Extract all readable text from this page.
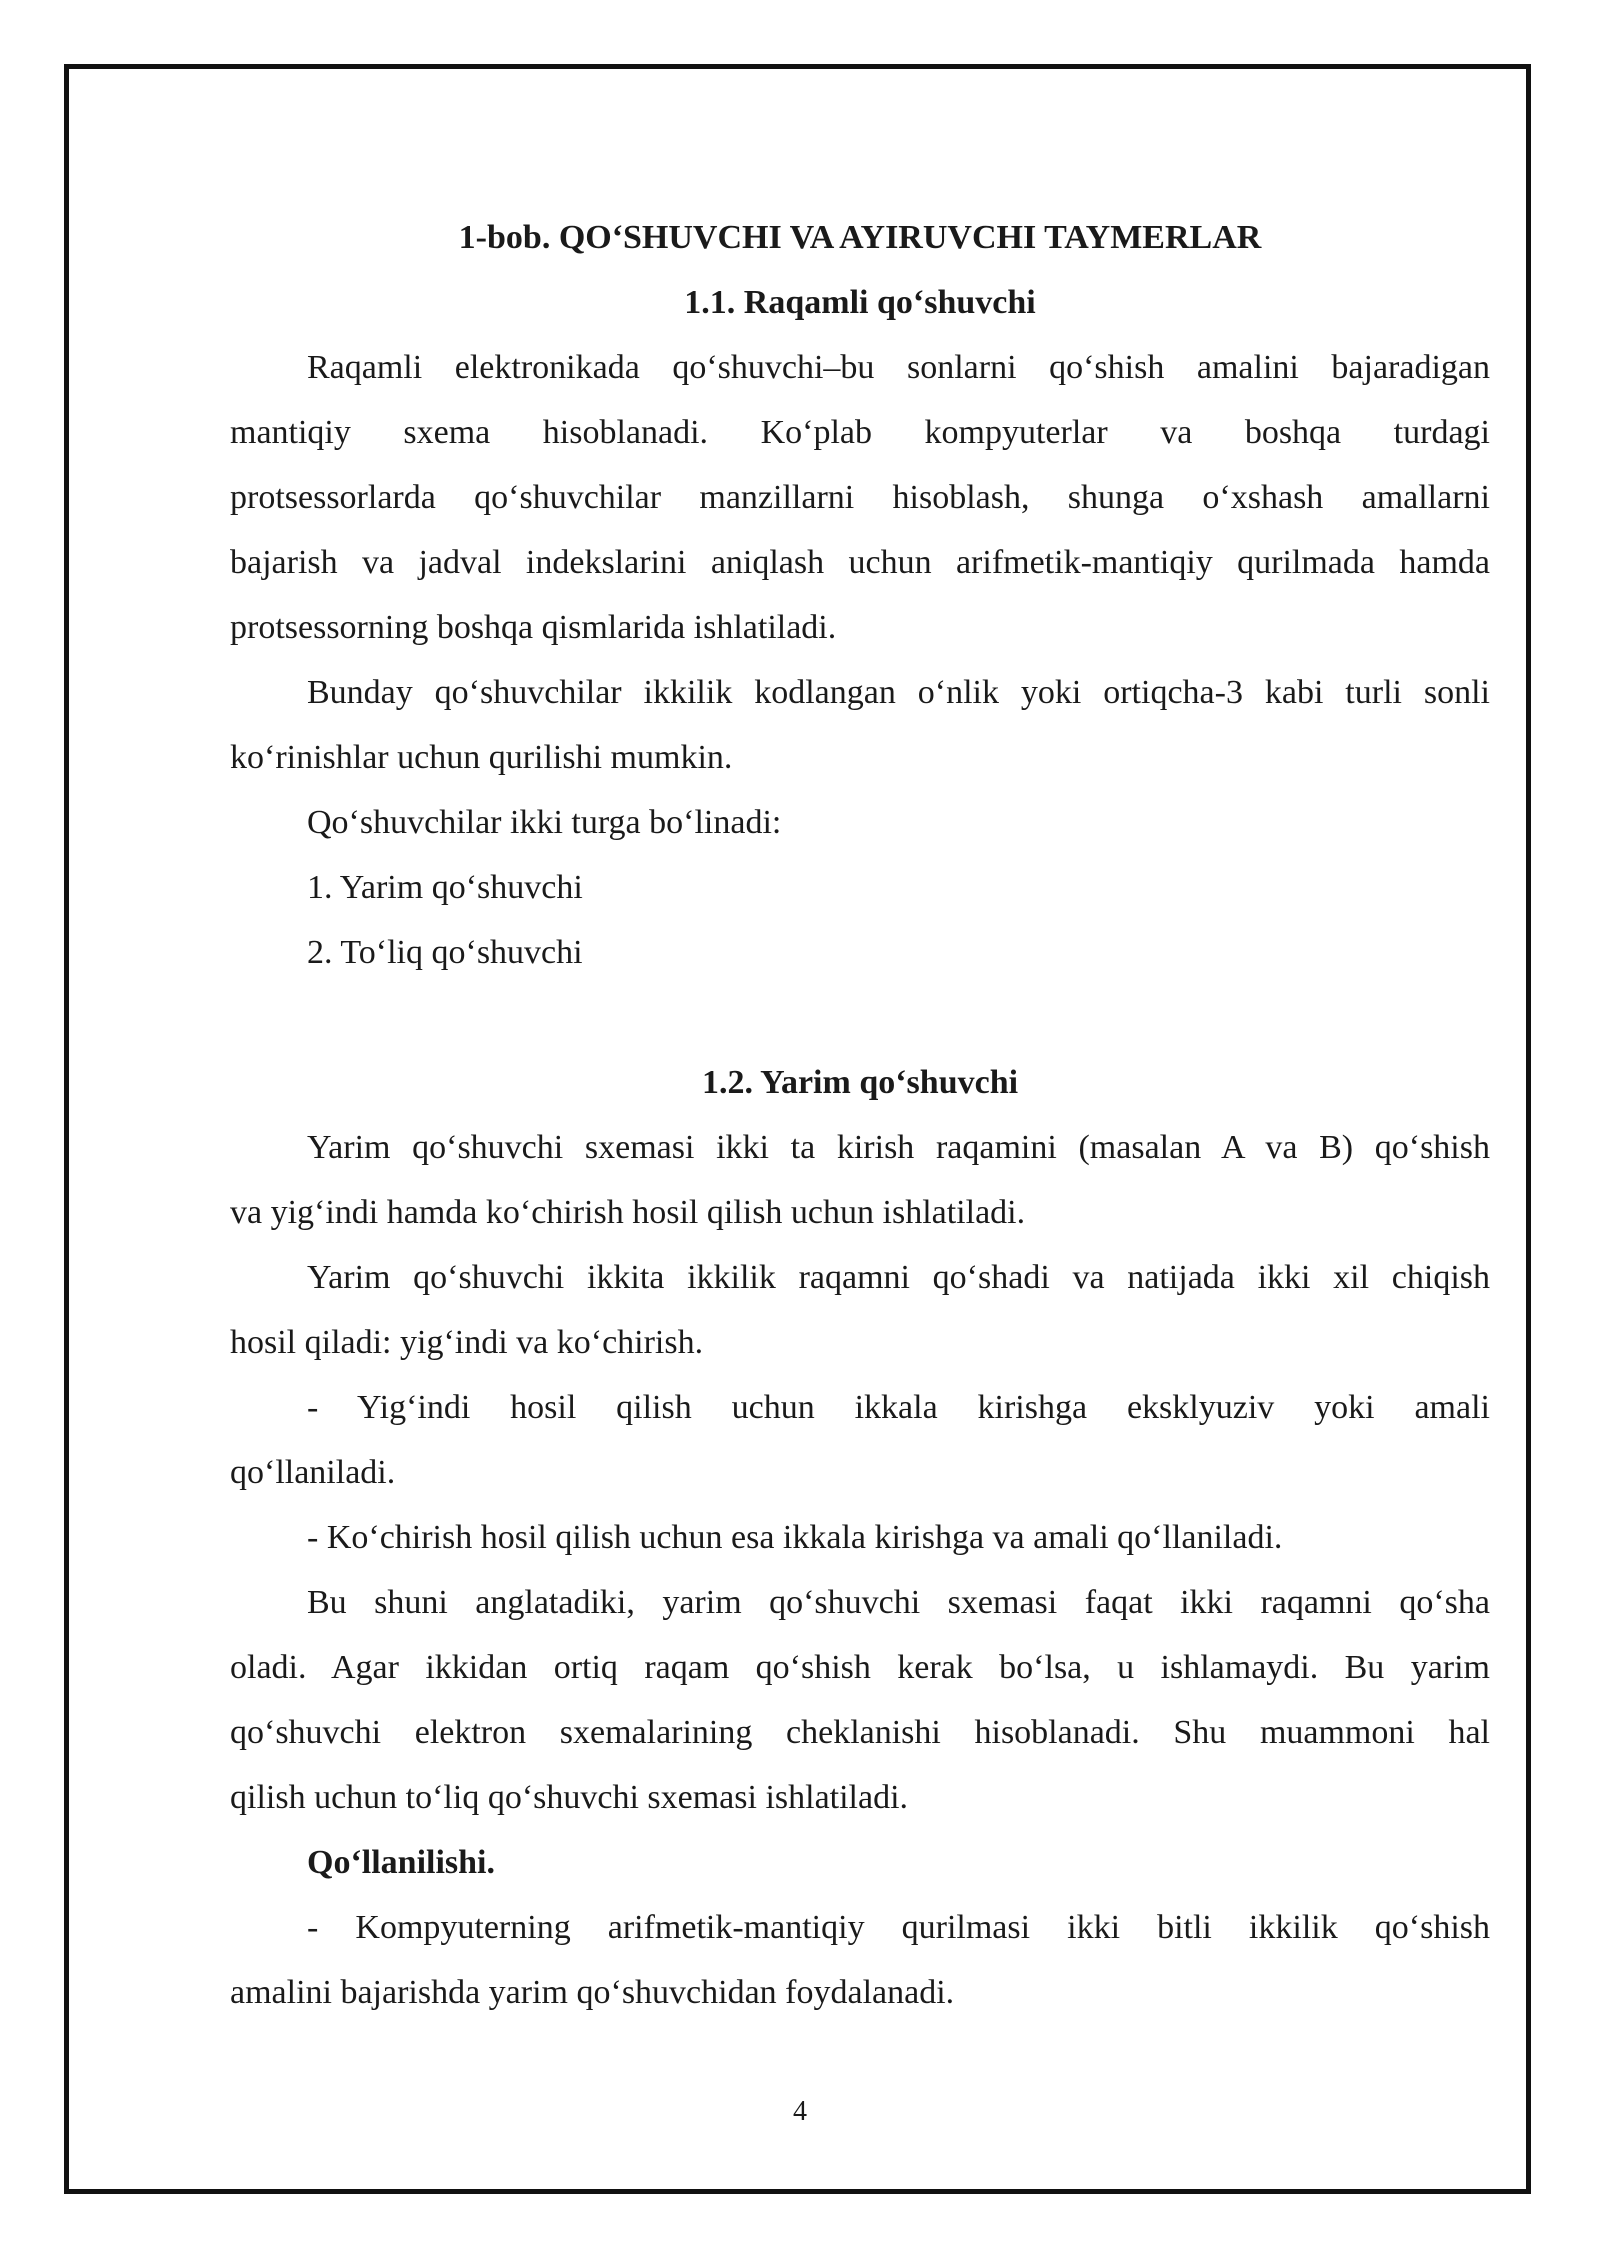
1-bob. QO‘SHUVCHI VA AYIRUVCHI TAYMERLAR
1.1. Raqamli qo‘shuvchi
Raqamli elektronikada qo‘shuvchi–bu sonlarni qo‘shish amalini bajaradigan
mantiqiy sxema hisoblanadi. Ko‘plab kompyuterlar va boshqa turdagi
protsessorlarda qo‘shuvchilar manzillarni hisoblash, shunga o‘xshash amallarni
bajarish va jadval indekslarini aniqlash uchun arifmetik-mantiqiy qurilmada hamda
protsessorning boshqa qismlarida ishlatiladi.
Bunday qo‘shuvchilar ikkilik kodlangan o‘nlik yoki ortiqcha-3 kabi turli sonli
ko‘rinishlar uchun qurilishi mumkin.
Qo‘shuvchilar ikki turga bo‘linadi:
1. Yarim qo‘shuvchi
2. To‘liq qo‘shuvchi
1.2. Yarim qo‘shuvchi
Yarim qo‘shuvchi sxemasi ikki ta kirish raqamini (masalan A va B) qo‘shish
va yig‘indi hamda ko‘chirish hosil qilish uchun ishlatiladi.
Yarim qo‘shuvchi ikkita ikkilik raqamni qo‘shadi va natijada ikki xil chiqish
hosil qiladi: yig‘indi va ko‘chirish.
- Yig‘indi hosil qilish uchun ikkala kirishga eksklyuziv yoki amali
qo‘llaniladi.
- Ko‘chirish hosil qilish uchun esa ikkala kirishga va amali qo‘llaniladi.
Bu shuni anglatadiki, yarim qo‘shuvchi sxemasi faqat ikki raqamni qo‘sha
oladi. Agar ikkidan ortiq raqam qo‘shish kerak bo‘lsa, u ishlamaydi. Bu yarim
qo‘shuvchi elektron sxemalarining cheklanishi hisoblanadi. Shu muammoni hal
qilish uchun to‘liq qo‘shuvchi sxemasi ishlatiladi.
Qo‘llanilishi.
- Kompyuterning arifmetik-mantiqiy qurilmasi ikki bitli ikkilik qo‘shish
amalini bajarishda yarim qo‘shuvchidan foydalanadi.
4
